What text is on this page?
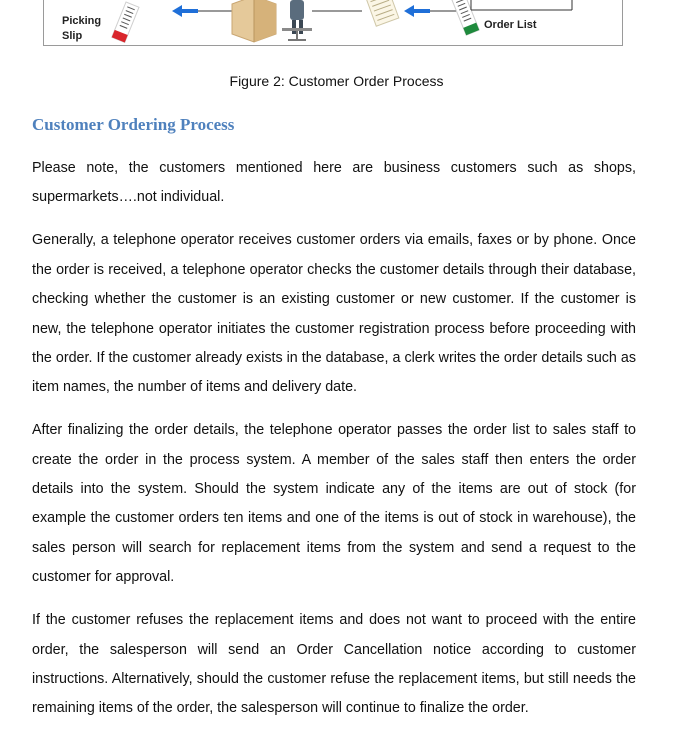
Picking
Slip
Order List
Figure 2: Customer Order Process
Customer Ordering Process

Please note, the customers mentioned here are business customers such as shops, supermarkets….not individual.

Generally, a telephone operator receives customer orders via emails, faxes or by phone. Once the order is received, a telephone operator checks the customer details through their database, checking whether the customer is an existing customer or new customer. If the customer is new, the telephone operator initiates the customer registration process before proceeding with the order. If the customer already exists in the database, a clerk writes the order details such as item names, the number of items and delivery date.

After finalizing the order details, the telephone operator passes the order list to sales staff to create the order in the process system. A member of the sales staff then enters the order details into the system. Should the system indicate any of the items are out of stock (for example the customer orders ten items and one of the items is out of stock in warehouse), the sales person will search for replacement items from the system and send a request to the customer for approval.

If the customer refuses the replacement items and does not want to proceed with the entire order, the salesperson will send an Order Cancellation notice according to customer instructions. Alternatively, should the customer refuse the replacement items, but still needs the remaining items of the order, the salesperson will continue to finalize the order.
